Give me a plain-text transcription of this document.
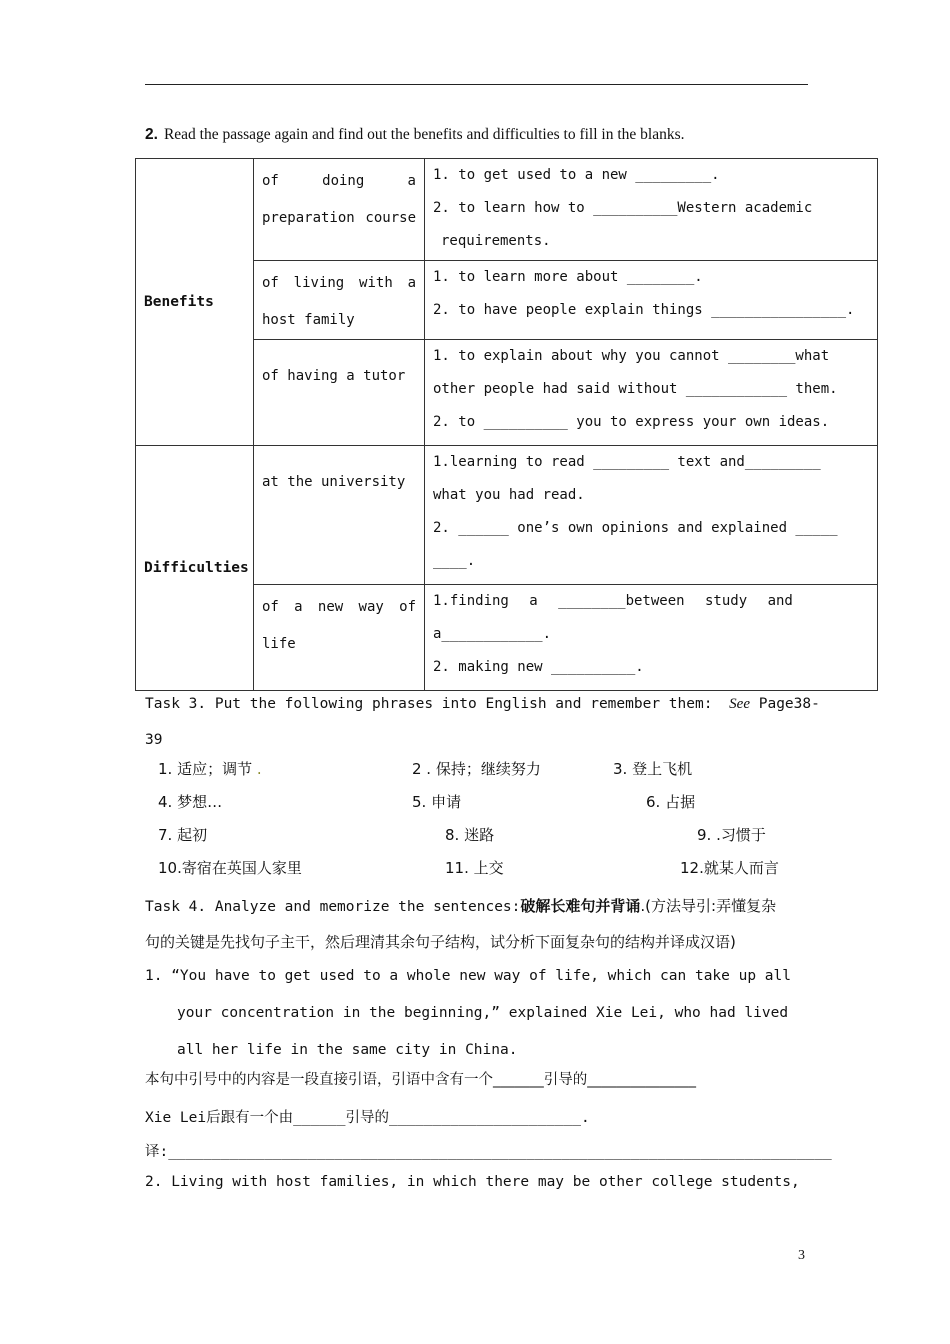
2. Read the passage again and find out the benefits and difficulties to fill in the blanks.
Benefits	of doing a preparation course	1. to get used to a new _________.
2. to learn how to __________Western academic
requirements.

	of living with a host family	1. to learn more about ________.
2. to have people explain things ________________.

	of having a tutor	1. to explain about why you cannot ________what
other people had said without ____________ them.
2. to __________ you to express your own ideas.

Difficulties	at the university	1.learning to read _________ text and_________
what you had read.
2. ______ one’s own opinions and explained _____
____.

	of a new way of life	1.finding a ________between study and
a____________.
2. making new __________.
Task 3. Put the following phrases into English and remember them: See Page38-
39
1. 适应；调节 .	2 . 保持；继续努力	3. 登上飞机
4. 梦想…	5. 申请	6. 占据
7. 起初	8. 迷路	9. .习惯于
10.寄宿在英国人家里	11. 上交	12.就某人而言
Task 4. Analyze and memorize the sentences:破解长难句并背诵.(方法导引:弄懂复杂
句的关键是先找句子主干，然后理清其余句子结构，试分析下面复杂句的结构并译成汉语)
1. “You have to get used to a whole new way of life, which can take up all
your concentration in the beginning,” explained Xie Lei, who had lived
all her life in the same city in China.
本句中引号中的内容是一段直接引语，引语中含有一个_______引导的_______________
Xie Lei后跟有一个由______引导的______________________.
译:____________________________________________________________________________
2. Living with host families, in which there may be other college students,
3
